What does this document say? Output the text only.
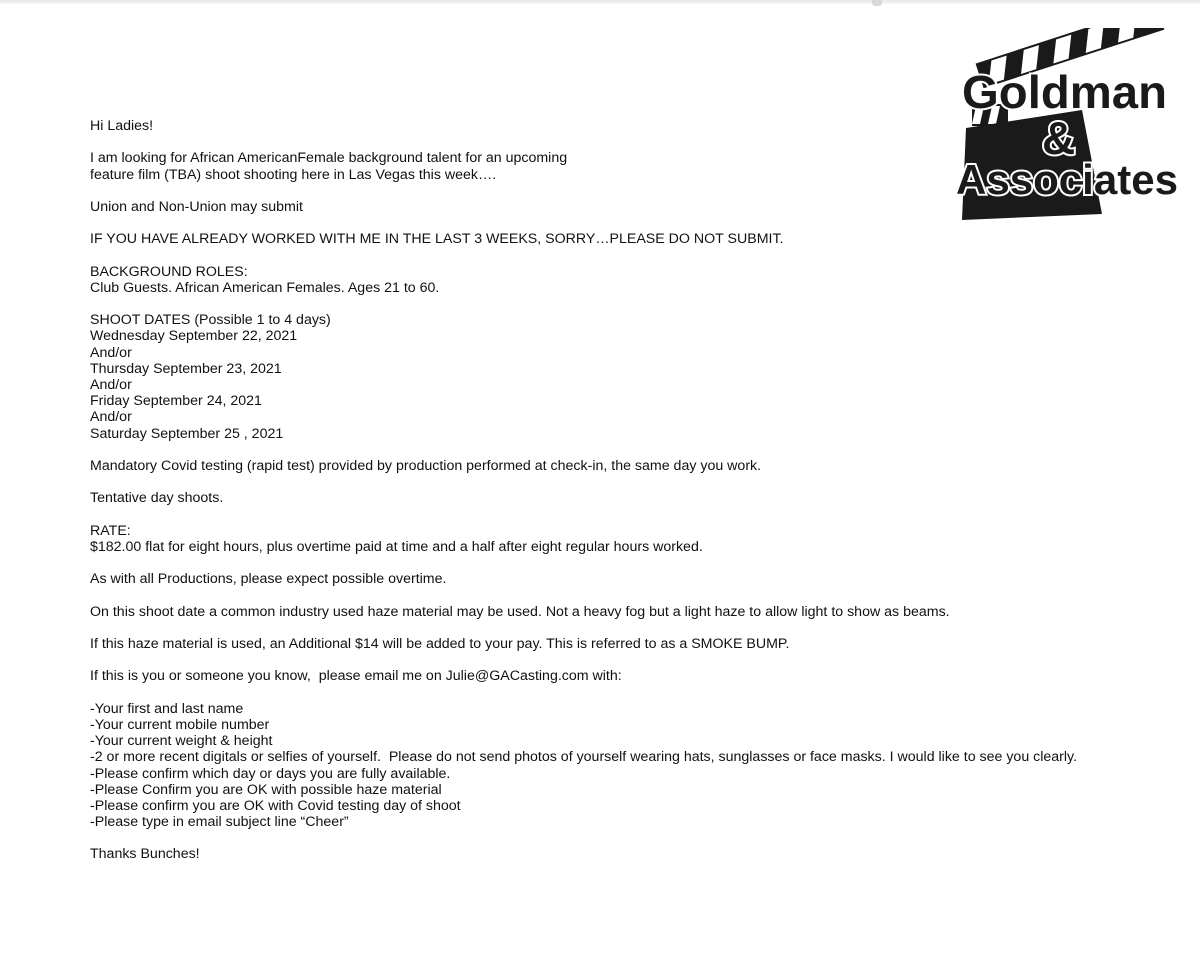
Goldman
&
Associates
Hi Ladies!
I am looking for African AmericanFemale background talent for an upcoming
feature film (TBA) shoot shooting here in Las Vegas this week….
Union and Non-Union may submit
IF YOU HAVE ALREADY WORKED WITH ME IN THE LAST 3 WEEKS, SORRY…PLEASE DO NOT SUBMIT.
BACKGROUND ROLES:
Club Guests. African American Females. Ages 21 to 60.
SHOOT DATES (Possible 1 to 4 days)
Wednesday September 22, 2021
And/or
Thursday September 23, 2021
And/or
Friday September 24, 2021
And/or
Saturday September 25 , 2021
Mandatory Covid testing (rapid test) provided by production performed at check-in, the same day you work.
Tentative day shoots.
RATE:
$182.00 flat for eight hours, plus overtime paid at time and a half after eight regular hours worked.
As with all Productions, please expect possible overtime.
On this shoot date a common industry used haze material may be used. Not a heavy fog but a light haze to allow light to show as beams.
If this haze material is used, an Additional $14 will be added to your pay. This is referred to as a SMOKE BUMP.
If this is you or someone you know,  please email me on Julie@GACasting.com with:
-Your first and last name
-Your current mobile number
-Your current weight & height
-2 or more recent digitals or selfies of yourself.  Please do not send photos of yourself wearing hats, sunglasses or face masks. I would like to see you clearly.
-Please confirm which day or days you are fully available.
-Please Confirm you are OK with possible haze material
-Please confirm you are OK with Covid testing day of shoot
-Please type in email subject line “Cheer”
Thanks Bunches!
